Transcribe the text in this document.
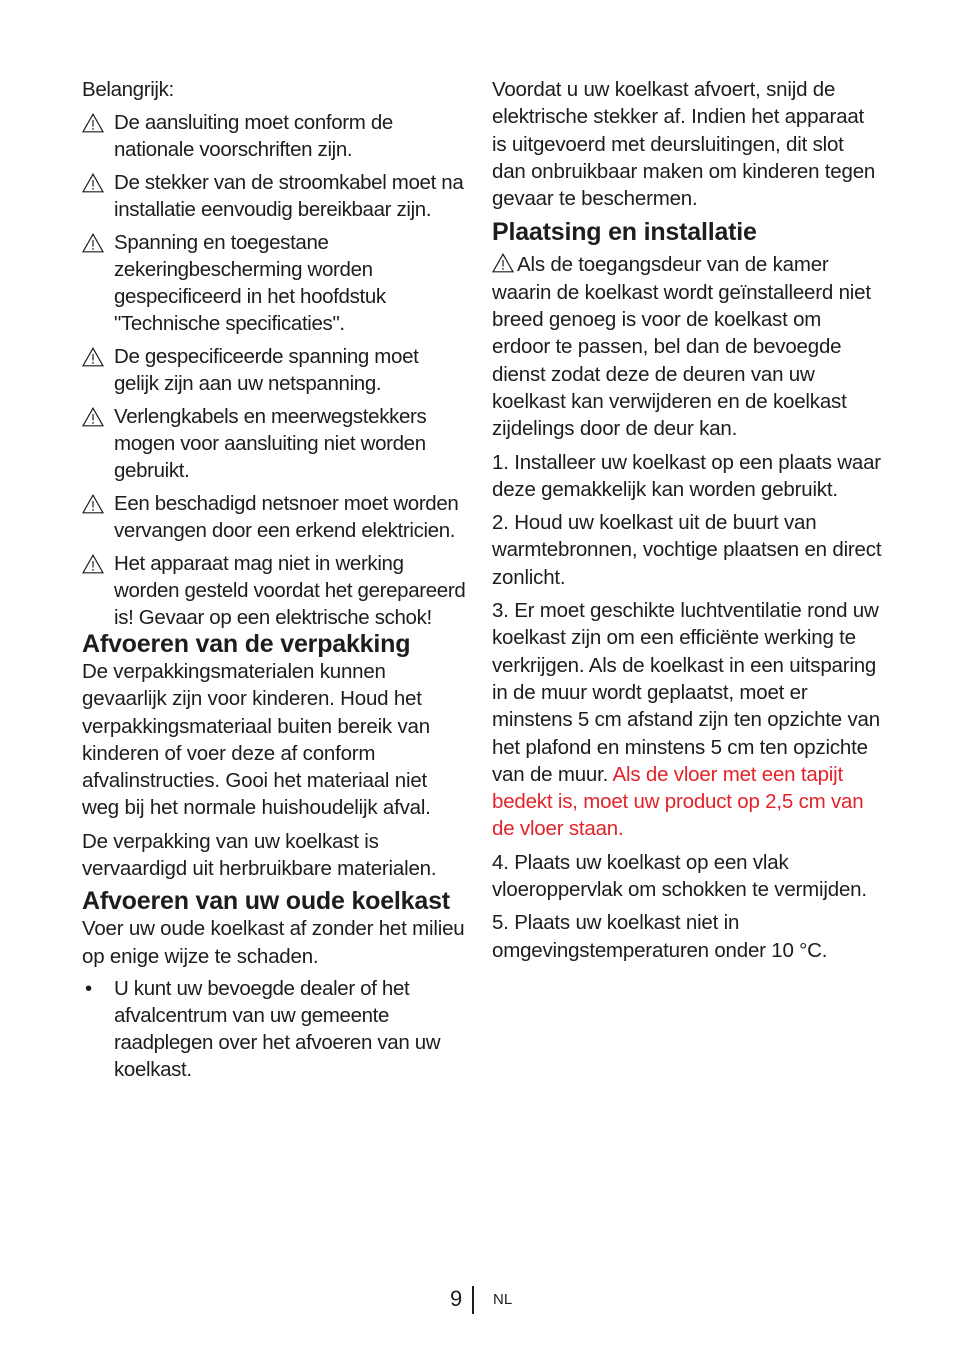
Belangrijk:

De aansluiting moet conform de nationale voorschriften zijn.
De stekker van de stroomkabel moet na installatie eenvoudig bereikbaar zijn.
Spanning en toegestane zekeringbescherming worden gespecificeerd in het hoofdstuk "Technische specificaties".
De gespecificeerde spanning moet gelijk zijn aan uw netspanning.
Verlengkabels en meerwegstekkers mogen voor aansluiting niet worden gebruikt.
Een beschadigd netsnoer moet worden vervangen door een erkend elektricien.
Het apparaat mag niet in werking worden gesteld voordat het gerepareerd is! Gevaar op een elektrische schok!
Afvoeren van de verpakking

De verpakkingsmaterialen kunnen gevaarlijk zijn voor kinderen. Houd het verpakkingsmateriaal buiten bereik van kinderen of voer deze af conform afvalinstructies. Gooi het materiaal niet weg bij het normale huishoudelijk afval.

De verpakking van uw koelkast is vervaardigd uit herbruikbare materialen.

Afvoeren van uw oude koelkast

Voer uw oude koelkast af zonder het milieu op enige wijze te schaden.

• U kunt uw bevoegde dealer of het afvalcentrum van uw gemeente raadplegen over het afvoeren van uw koelkast.

Voordat u uw koelkast afvoert, snijd de elektrische stekker af. Indien het apparaat is uitgevoerd met deursluitingen, dit slot dan onbruikbaar maken om kinderen tegen gevaar te beschermen.

Plaatsing en installatie

Als de toegangsdeur van de kamer waarin de koelkast wordt geïnstalleerd niet breed genoeg is voor de koelkast om erdoor te passen, bel dan de bevoegde dienst zodat deze de deuren van uw koelkast kan verwijderen en de koelkast zijdelings door de deur kan.

1. Installeer uw koelkast op een plaats waar deze gemakkelijk kan worden gebruikt.

2. Houd uw koelkast uit de buurt van warmtebronnen, vochtige plaatsen en direct zonlicht.

3. Er moet geschikte luchtventilatie rond uw koelkast zijn om een efficiënte werking te verkrijgen. Als de koelkast in een uitsparing in de muur wordt geplaatst, moet er minstens 5 cm afstand zijn ten opzichte van het plafond en minstens 5 cm ten opzichte van de muur. Als de vloer met een tapijt bedekt is, moet uw product op 2,5 cm van de vloer staan.

4. Plaats uw koelkast op een vlak vloeroppervlak om schokken te vermijden.

5. Plaats uw koelkast niet in omgevingstemperaturen onder 10 °C.

9 NL
